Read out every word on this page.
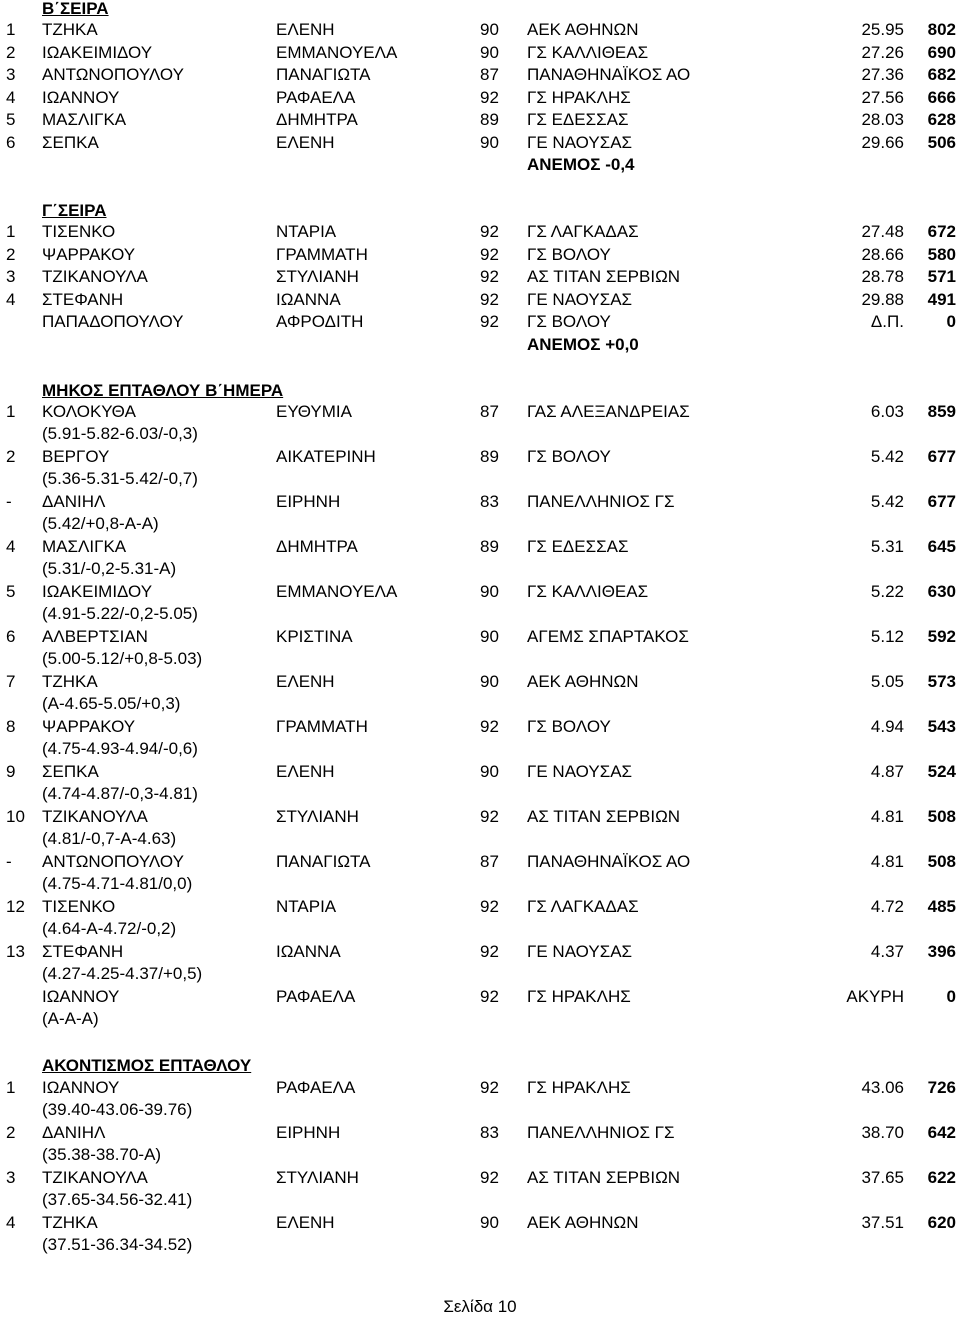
Β΄ΣΕΙΡΑ
1 ΤΖΗΚΑ	ΕΛΕΝΗ	90 ΑΕΚ ΑΘΗΝΩΝ	25.95 802
2 ΙΩΑΚΕΙΜΙΔΟΥ	ΕΜΜΑΝΟΥΕΛΑ	90 ΓΣ ΚΑΛΛΙΘΕΑΣ	27.26 690
3 ΑΝΤΩΝΟΠΟΥΛΟΥ	ΠΑΝΑΓΙΩΤΑ	87 ΠΑΝΑΘΗΝΑΪΚΟΣ ΑΟ	27.36 682
4 ΙΩΑΝΝΟΥ	ΡΑΦΑΕΛΑ	92 ΓΣ ΗΡΑΚΛΗΣ	27.56 666
5 ΜΑΣΛΙΓΚΑ	ΔΗΜΗΤΡΑ	89 ΓΣ ΕΔΕΣΣΑΣ	28.03 628
6 ΣΕΠΚΑ	ΕΛΕΝΗ	90 ΓΕ ΝΑΟΥΣΑΣ	29.66 506
ΑΝΕΜΟΣ -0,4
Γ΄ΣΕΙΡΑ
1 ΤΙΣΕΝΚΟ	ΝΤΑΡΙΑ	92 ΓΣ ΛΑΓΚΑΔΑΣ	27.48 672
2 ΨΑΡΡΑΚΟΥ	ΓΡΑΜΜΑΤΗ	92 ΓΣ ΒΟΛΟΥ	28.66 580
3 ΤΖΙΚΑΝΟΥΛΑ	ΣΤΥΛΙΑΝΗ	92 ΑΣ ΤΙΤΑΝ ΣΕΡΒΙΩΝ	28.78 571
4 ΣΤΕΦΑΝΗ	ΙΩΑΝΝΑ	92 ΓΕ ΝΑΟΥΣΑΣ	29.88 491
ΠΑΠΑΔΟΠΟΥΛΟΥ	ΑΦΡΟΔΙΤΗ	92 ΓΣ ΒΟΛΟΥ	Δ.Π.	0
ΑΝΕΜΟΣ +0,0
ΜΗΚΟΣ ΕΠΤΑΘΛΟΥ Β΄ΗΜΕΡΑ
1 ΚΟΛΟΚΥΘΑ	ΕΥΘΥΜΙΑ	87 ΓΑΣ ΑΛΕΞΑΝΔΡΕΙΑΣ	6.03 859
(5.91-5.82-6.03/-0,3)
2 ΒΕΡΓΟΥ	ΑΙΚΑΤΕΡΙΝΗ	89 ΓΣ ΒΟΛΟΥ	5.42 677
(5.36-5.31-5.42/-0,7)
- ΔΑΝΙΗΛ	ΕΙΡΗΝΗ	83 ΠΑΝΕΛΛΗΝΙΟΣ ΓΣ	5.42 677
(5.42/+0,8-Α-Α)
4 ΜΑΣΛΙΓΚΑ	ΔΗΜΗΤΡΑ	89 ΓΣ ΕΔΕΣΣΑΣ	5.31 645
(5.31/-0,2-5.31-Α)
5 ΙΩΑΚΕΙΜΙΔΟΥ	ΕΜΜΑΝΟΥΕΛΑ	90 ΓΣ ΚΑΛΛΙΘΕΑΣ	5.22 630
(4.91-5.22/-0,2-5.05)
6 ΑΛΒΕΡΤΣΙΑΝ	ΚΡΙΣΤΙΝΑ	90 ΑΓΕΜΣ ΣΠΑΡΤΑΚΟΣ	5.12 592
(5.00-5.12/+0,8-5.03)
7 ΤΖΗΚΑ	ΕΛΕΝΗ	90 ΑΕΚ ΑΘΗΝΩΝ	5.05 573
(Α-4.65-5.05/+0,3)
8 ΨΑΡΡΑΚΟΥ	ΓΡΑΜΜΑΤΗ	92 ΓΣ ΒΟΛΟΥ	4.94 543
(4.75-4.93-4.94/-0,6)
9 ΣΕΠΚΑ	ΕΛΕΝΗ	90 ΓΕ ΝΑΟΥΣΑΣ	4.87 524
(4.74-4.87/-0,3-4.81)
10 ΤΖΙΚΑΝΟΥΛΑ	ΣΤΥΛΙΑΝΗ	92 ΑΣ ΤΙΤΑΝ ΣΕΡΒΙΩΝ	4.81 508
(4.81/-0,7-Α-4.63)
- ΑΝΤΩΝΟΠΟΥΛΟΥ	ΠΑΝΑΓΙΩΤΑ	87 ΠΑΝΑΘΗΝΑΪΚΟΣ ΑΟ	4.81 508
(4.75-4.71-4.81/0,0)
12 ΤΙΣΕΝΚΟ	ΝΤΑΡΙΑ	92 ΓΣ ΛΑΓΚΑΔΑΣ	4.72 485
(4.64-Α-4.72/-0,2)
13 ΣΤΕΦΑΝΗ	ΙΩΑΝΝΑ	92 ΓΕ ΝΑΟΥΣΑΣ	4.37 396
(4.27-4.25-4.37/+0,5)
ΙΩΑΝΝΟΥ	ΡΑΦΑΕΛΑ	92 ΓΣ ΗΡΑΚΛΗΣ	ΑΚΥΡΗ	0
(Α-Α-Α)
ΑΚΟΝΤΙΣΜΟΣ ΕΠΤΑΘΛΟΥ
1 ΙΩΑΝΝΟΥ	ΡΑΦΑΕΛΑ	92 ΓΣ ΗΡΑΚΛΗΣ	43.06 726
(39.40-43.06-39.76)
2 ΔΑΝΙΗΛ	ΕΙΡΗΝΗ	83 ΠΑΝΕΛΛΗΝΙΟΣ ΓΣ	38.70 642
(35.38-38.70-Α)
3 ΤΖΙΚΑΝΟΥΛΑ	ΣΤΥΛΙΑΝΗ	92 ΑΣ ΤΙΤΑΝ ΣΕΡΒΙΩΝ	37.65 622
(37.65-34.56-32.41)
4 ΤΖΗΚΑ	ΕΛΕΝΗ	90 ΑΕΚ ΑΘΗΝΩΝ	37.51 620
(37.51-36.34-34.52)
Σελίδα 10
